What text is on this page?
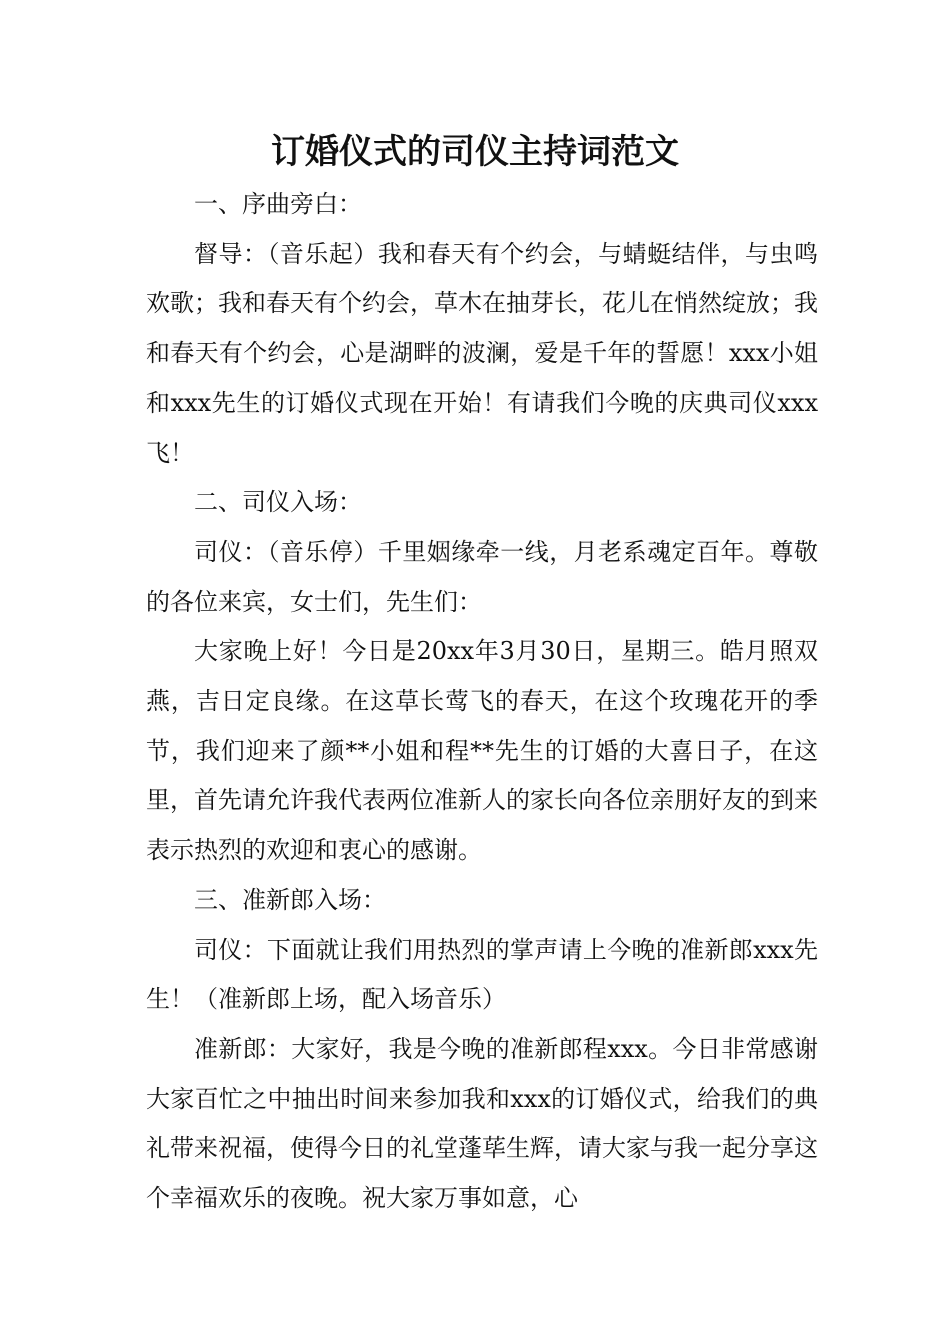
订婚仪式的司仪主持词范文

一、序曲旁白：

督导：（音乐起）我和春天有个约会，与蜻蜓结伴，与虫鸣欢歌；我和春天有个约会，草木在抽芽长，花儿在悄然绽放；我和春天有个约会，心是湖畔的波澜，爱是千年的誓愿！xxx小姐和xxx先生的订婚仪式现在开始！有请我们今晚的庆典司仪xxx飞！

二、司仪入场：

司仪：（音乐停）千里姻缘牵一线，月老系魂定百年。尊敬的各位来宾，女士们，先生们：

大家晚上好！今日是20xx年3月30日，星期三。皓月照双燕，吉日定良缘。在这草长莺飞的春天，在这个玫瑰花开的季节，我们迎来了颜**小姐和程**先生的订婚的大喜日子，在这里，首先请允许我代表两位准新人的家长向各位亲朋好友的到来表示热烈的欢迎和衷心的感谢。

三、准新郎入场：

司仪：下面就让我们用热烈的掌声请上今晚的准新郎xxx先生！（准新郎上场，配入场音乐）

准新郎：大家好，我是今晚的准新郎程xxx。今日非常感谢大家百忙之中抽出时间来参加我和xxx的订婚仪式，给我们的典礼带来祝福，使得今日的礼堂蓬荜生辉，请大家与我一起分享这个幸福欢乐的夜晚。祝大家万事如意，心
